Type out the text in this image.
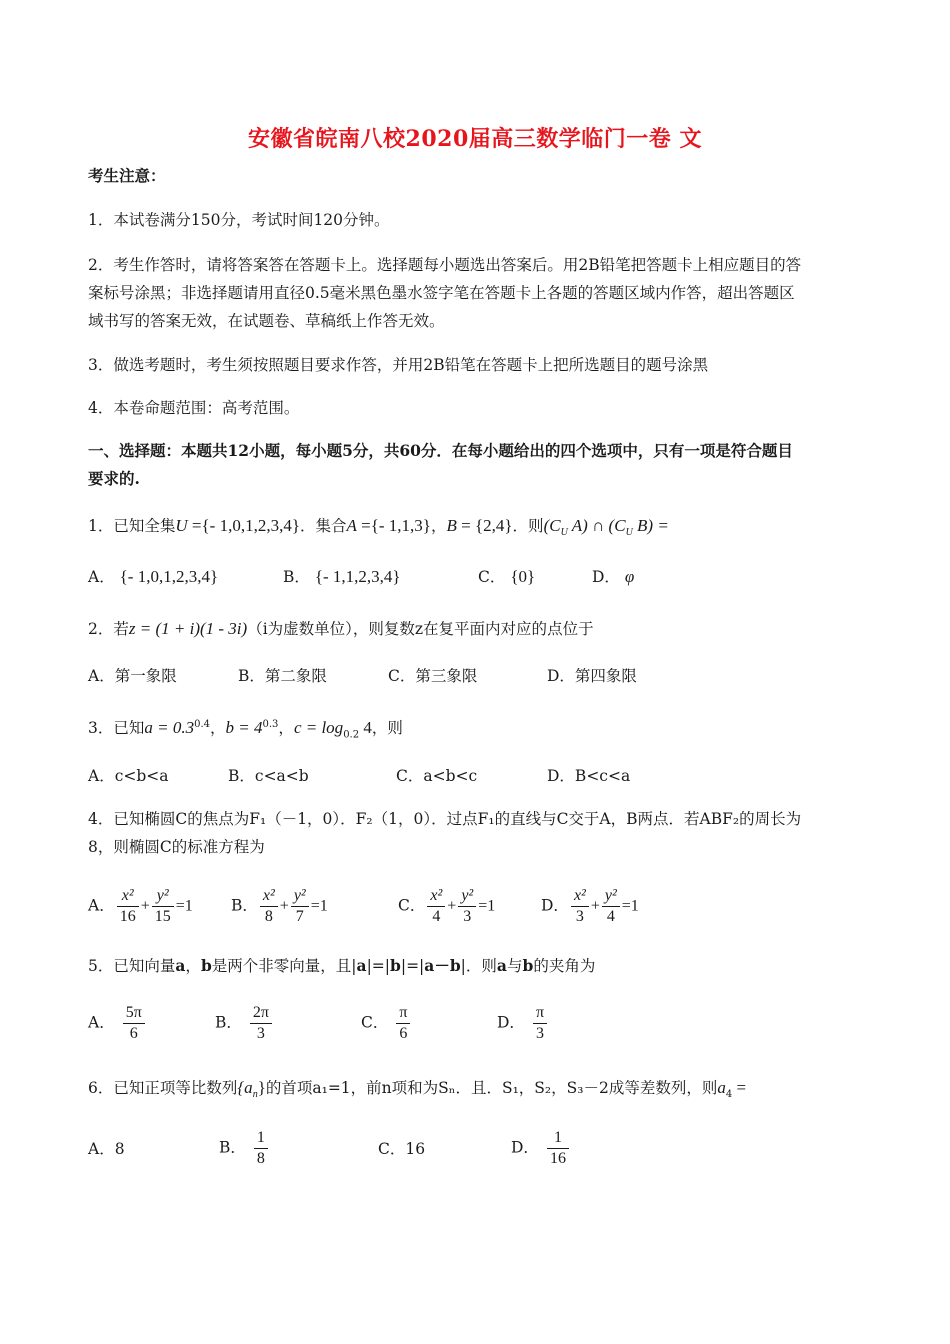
安徽省皖南八校2020届高三数学临门一卷 文
考生注意：
1．本试卷满分150分，考试时间120分钟。
2．考生作答时，请将答案答在答题卡上。选择题每小题选出答案后。用2B铅笔把答题卡上相应题目的答
案标号涂黑；非选择题请用直径0.5毫米黑色墨水签字笔在答题卡上各题的答题区域内作答，超出答题区
域书写的答案无效，在试题卷、草稿纸上作答无效。
3．做选考题时，考生须按照题目要求作答，并用2B铅笔在答题卡上把所选题目的题号涂黑
4．本卷命题范围：高考范围。
一、选择题：本题共12小题，每小题5分，共60分．在每小题给出的四个选项中，只有一项是符合题目
要求的.
1．已知全集U ={- 1,0,1,2,3,4}．集合A ={- 1,1,3}，B = {2,4}．则($C_U$ A) ∩ ($C_U$ B) =
A． {- 1,0,1,2,3,4}	B． {- 1,1,2,3,4}	C． {0}	D． φ
2．若z = (1 + i)(1 - 3i)（i为虚数单位），则复数z在复平面内对应的点位于
A．第一象限	B．第二象限	C．第三象限	D．第四象限
3．已知$a = 0.3^{0.4}$，$b = 4^{0.3}$，$c = \log_{0.2} 4$，则
A．c<b<a	B．c<a<b	C．a<b<c	D．B<c<a
4．已知椭圆C的焦点为F₁（－1，0）．F₂（1，0）．过点F₁的直线与C交于A，B两点．若ABF₂的周长为
8，则椭圆C的标准方程为
A． $\frac{\text{x²}}{16} + \frac{\text{y²}}{15} =1$ B． $\frac{\text{x²}}{8} + \frac{\text{y²}}{7} =1$	C． $\frac{\text{x²}}{4} + \frac{\text{y²}}{3} =1$	D． $\frac{\text{x²}}{3} + \frac{\text{y²}}{4} =1$
5．已知向量a，b是两个非零向量，且|a|=|b|=|a－b|．则a与b的夹角为
A． $\frac{5\pi}{6}$	B． $\frac{2\pi}{3}$	C． $\frac{\pi}{6}$	D． $\frac{\pi}{3}$
6．已知正项等比数列$\{a_n\}$的首项a₁=1，前n项和为Sₙ．且．S₁，S₂，S₃－2成等差数列，则$a_4$ =
A．8	B． $\frac{1}{8}$	C．16	D． $\frac{1}{16}$
